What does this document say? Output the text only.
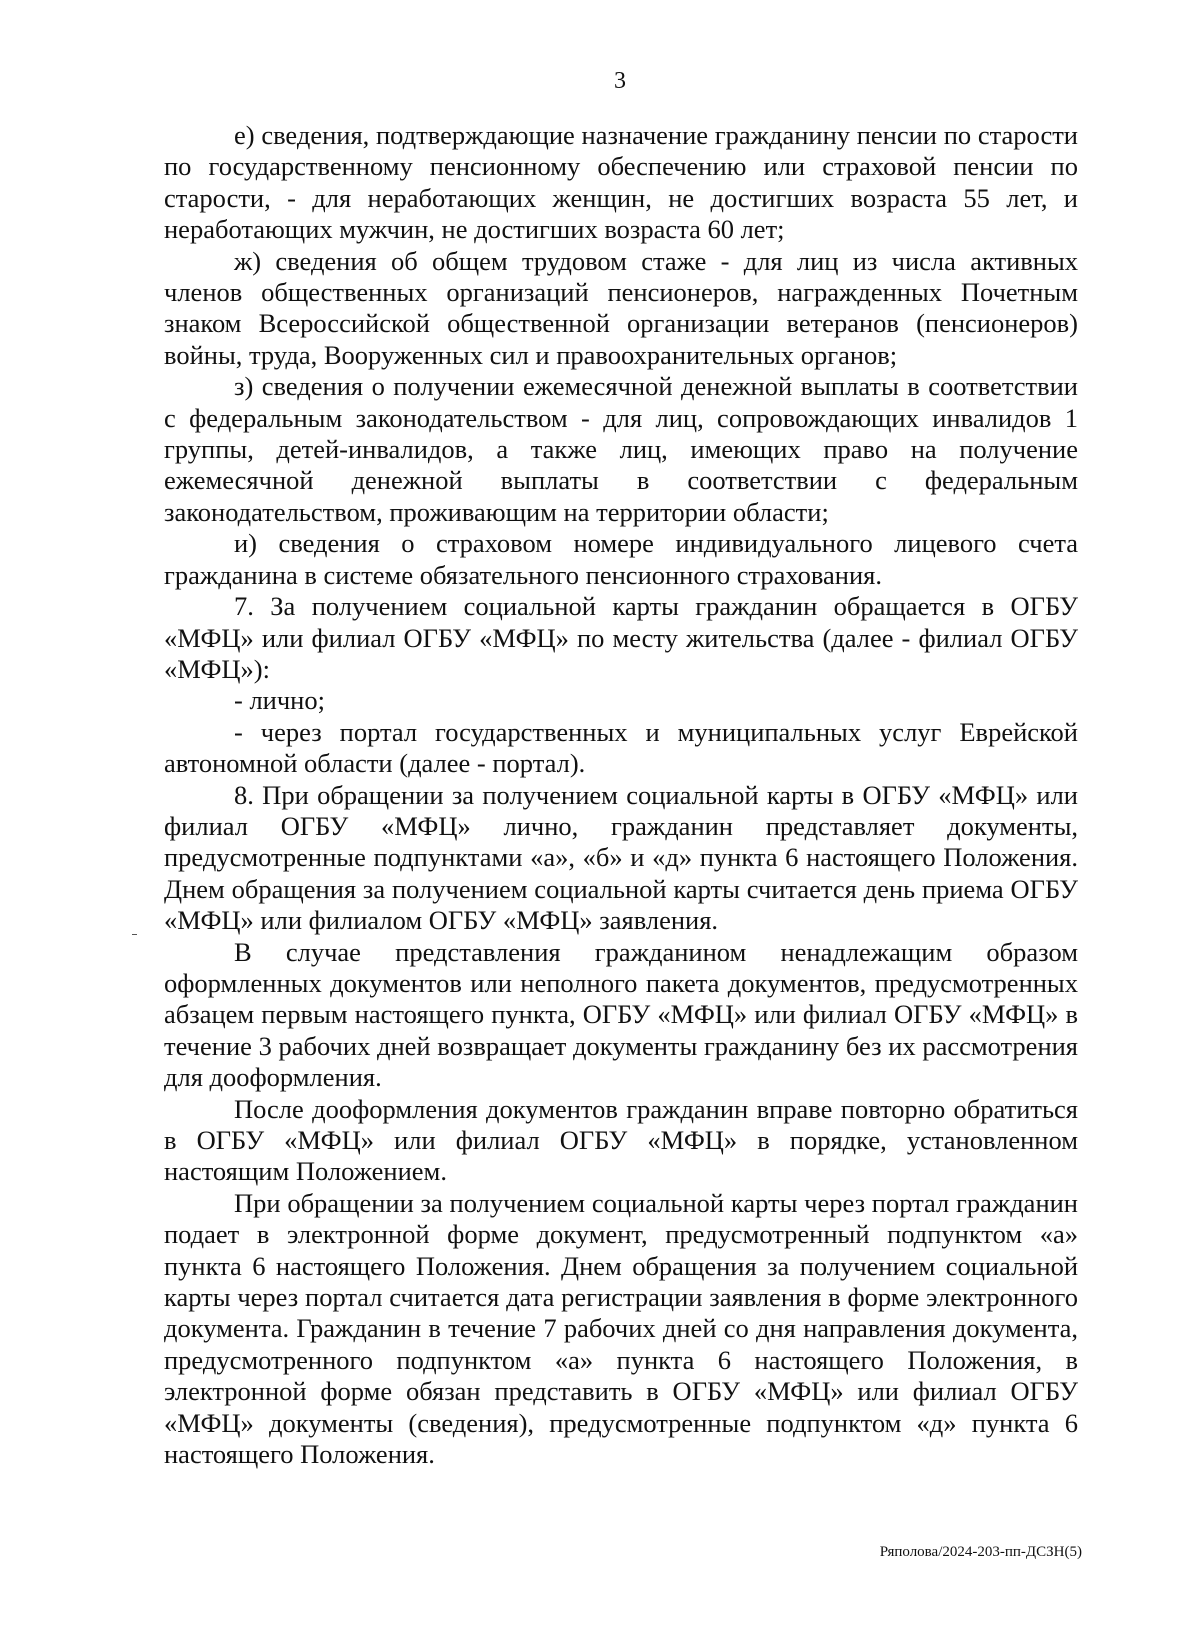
3

е) сведения, подтверждающие назначение гражданину пенсии по старости по государственному пенсионному обеспечению или страховой пенсии по старости, - для неработающих женщин, не достигших возраста 55 лет, и неработающих мужчин, не достигших возраста 60 лет;

ж) сведения об общем трудовом стаже - для лиц из числа активных членов общественных организаций пенсионеров, награжденных Почетным знаком Всероссийской общественной организации ветеранов (пенсионеров) войны, труда, Вооруженных сил и правоохранительных органов;

з) сведения о получении ежемесячной денежной выплаты в соответствии с федеральным законодательством - для лиц, сопровождающих инвалидов 1 группы, детей-инвалидов, а также лиц, имеющих право на получение ежемесячной денежной выплаты в соответствии с федеральным законодательством, проживающим на территории области;

и) сведения о страховом номере индивидуального лицевого счета гражданина в системе обязательного пенсионного страхования.

7. За получением социальной карты гражданин обращается в ОГБУ «МФЦ» или филиал ОГБУ «МФЦ» по месту жительства (далее - филиал ОГБУ «МФЦ»):

- лично;

- через портал государственных и муниципальных услуг Еврейской автономной области (далее - портал).

8. При обращении за получением социальной карты в ОГБУ «МФЦ» или филиал ОГБУ «МФЦ» лично, гражданин представляет документы, предусмотренные подпунктами «а», «б» и «д» пункта 6 настоящего Положения. Днем обращения за получением социальной карты считается день приема ОГБУ «МФЦ» или филиалом ОГБУ «МФЦ» заявления.

В случае представления гражданином ненадлежащим образом оформленных документов или неполного пакета документов, предусмотренных абзацем первым настоящего пункта, ОГБУ «МФЦ» или филиал ОГБУ «МФЦ» в течение 3 рабочих дней возвращает документы гражданину без их рассмотрения для дооформления.

После дооформления документов гражданин вправе повторно обратиться в ОГБУ «МФЦ» или филиал ОГБУ «МФЦ» в порядке, установленном настоящим Положением.

При обращении за получением социальной карты через портал гражданин подает в электронной форме документ, предусмотренный подпунктом «а» пункта 6 настоящего Положения. Днем обращения за получением социальной карты через портал считается дата регистрации заявления в форме электронного документа. Гражданин в течение 7 рабочих дней со дня направления документа, предусмотренного подпунктом «а» пункта 6 настоящего Положения, в электронной форме обязан представить в ОГБУ «МФЦ» или филиал ОГБУ «МФЦ» документы (сведения), предусмотренные подпунктом «д» пункта 6 настоящего Положения.

Ряполова/2024-203-пп-ДСЗН(5)
